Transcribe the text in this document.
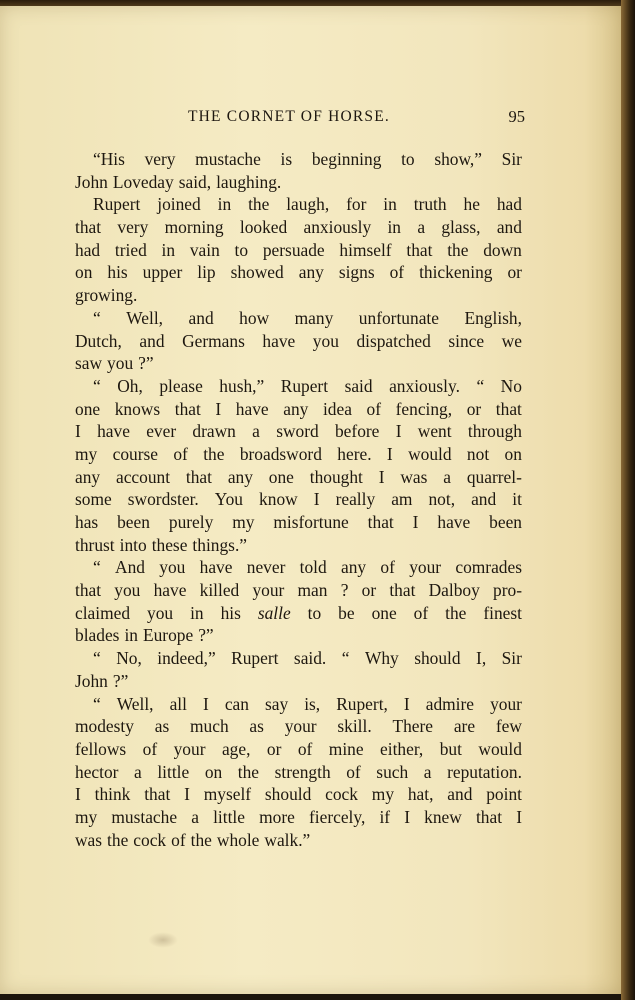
THE CORNET OF HORSE.	95
“His very mustache is beginning to show,” Sir
John Loveday said, laughing.
Rupert joined in the laugh, for in truth he had
that very morning looked anxiously in a glass, and
had tried in vain to persuade himself that the down
on his upper lip showed any signs of thickening or
growing.
“ Well, and how many unfortunate English,
Dutch, and Germans have you dispatched since we
saw you ?”
“ Oh, please hush,” Rupert said anxiously. “ No
one knows that I have any idea of fencing, or that
I have ever drawn a sword before I went through
my course of the broadsword here. I would not on
any account that any one thought I was a quarrel-
some swordster. You know I really am not, and it
has been purely my misfortune that I have been
thrust into these things.”
“ And you have never told any of your comrades
that you have killed your man ? or that Dalboy pro-
claimed you in his salle to be one of the finest
blades in Europe ?”
“ No, indeed,” Rupert said. “ Why should I, Sir
John ?”
“ Well, all I can say is, Rupert, I admire your
modesty as much as your skill. There are few
fellows of your age, or of mine either, but would
hector a little on the strength of such a reputation.
I think that I myself should cock my hat, and point
my mustache a little more fiercely, if I knew that I
was the cock of the whole walk.”
